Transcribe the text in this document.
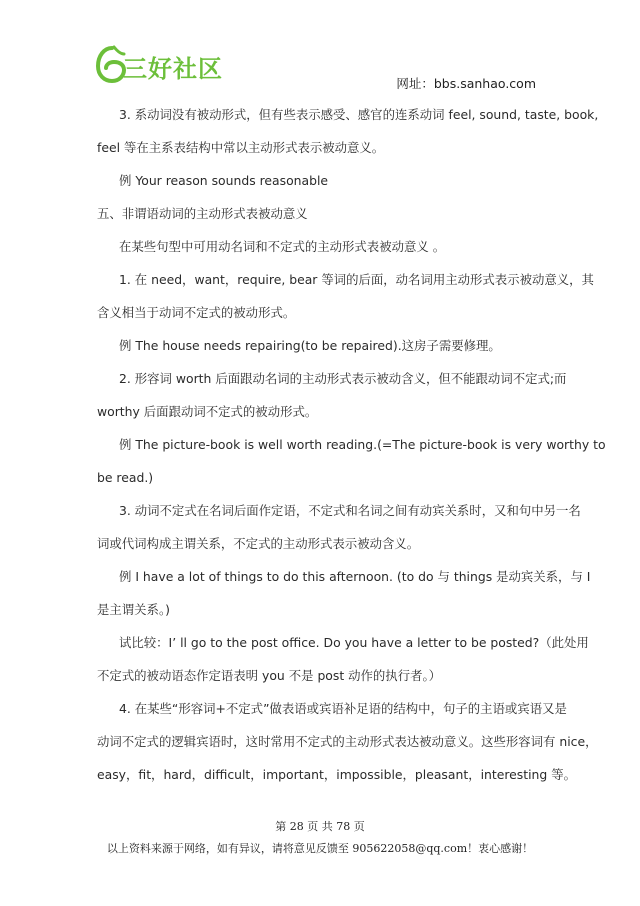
三好社区
网址：bbs.sanhao.com

3. 系动词没有被动形式，但有些表示感受、感官的连系动词 feel, sound, taste, book,

feel 等在主系表结构中常以主动形式表示被动意义。

例 Your reason sounds reasonable

五、非谓语动词的主动形式表被动意义

在某些句型中可用动名词和不定式的主动形式表被动意义 。

1. 在 need，want，require, bear 等词的后面，动名词用主动形式表示被动意义，其

含义相当于动词不定式的被动形式。

例 The house needs repairing(to be repaired).这房子需要修理。

2. 形容词 worth 后面跟动名词的主动形式表示被动含义，但不能跟动词不定式;而

worthy 后面跟动词不定式的被动形式。

例 The picture-book is well worth reading.(=The picture-book is very worthy to

be read.)

3. 动词不定式在名词后面作定语，不定式和名词之间有动宾关系时，又和句中另一名

词或代词构成主谓关系，不定式的主动形式表示被动含义。

例 I have a lot of things to do this afternoon. (to do 与 things 是动宾关系，与 I

是主谓关系。)

试比较：I’ ll go to the post office. Do you have a letter to be posted?（此处用

不定式的被动语态作定语表明 you 不是 post 动作的执行者。）

4. 在某些“形容词+不定式”做表语或宾语补足语的结构中，句子的主语或宾语又是

动词不定式的逻辑宾语时，这时常用不定式的主动形式表达被动意义。这些形容词有 nice，

easy，fit，hard，difficult，important，impossible，pleasant，interesting 等。

第 28 页 共 78 页
以上资料来源于网络，如有异议，请将意见反馈至 905622058@qq.com！衷心感谢！
